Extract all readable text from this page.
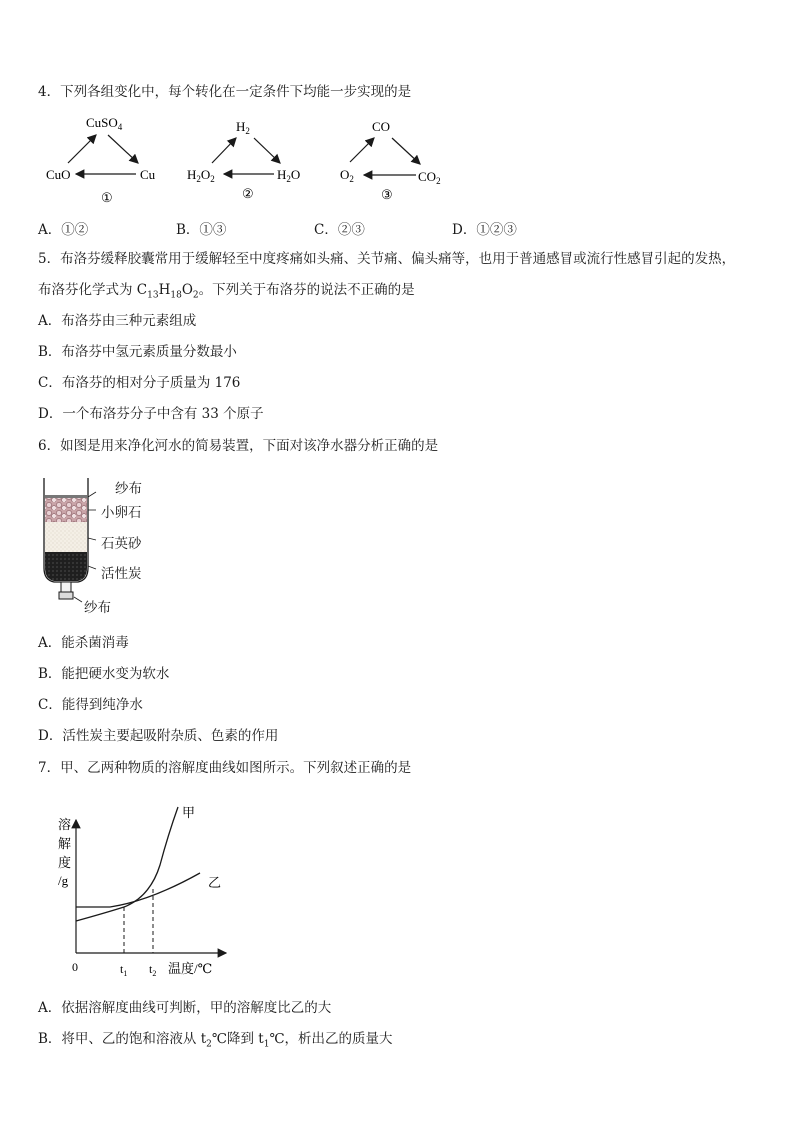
4．下列各组变化中，每个转化在一定条件下均能一步实现的是
CuSO$_4$
CuO	Cu
①
$H_2$
$H_2O_2$	$H_2O$
②
CO
$O_2$	$CO_2$
③
A．①②	B．①③	C．②③	D．①②③
5．布洛芬缓释胶囊常用于缓解轻至中度疼痛如头痛、关节痛、偏头痛等，也用于普通感冒或流行性感冒引起的发热，
布洛芬化学式为 $C_{13}H_{18}O_2$。下列关于布洛芬的说法不正确的是
A．布洛芬由三种元素组成
B．布洛芬中氢元素质量分数最小
C．布洛芬的相对分子质量为 176
D．一个布洛芬分子中含有 33 个原子
6．如图是用来净化河水的简易装置，下面对该净水器分析正确的是
纱布
小卵石
石英砂
活性炭
纱布
A．能杀菌消毒
B．能把硬水变为软水
C．能得到纯净水
D．活性炭主要起吸附杂质、色素的作用
7．甲、乙两种物质的溶解度曲线如图所示。下列叙述正确的是
溶
解
度
/g
甲
乙
0	$t_1$ $t_2$ 温度/℃
A．依据溶解度曲线可判断，甲的溶解度比乙的大
B．将甲、乙的饱和溶液从 $t_2℃$降到 $t_1℃$，析出乙的质量大
